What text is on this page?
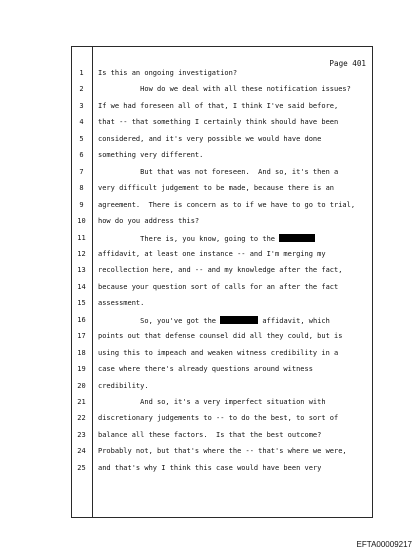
Page 401
1	Is this an ongoing investigation?
2	How do we deal with all these notification issues?
3	If we had foreseen all of that, I think I've said before,
4	that -- that something I certainly think should have been
5	considered, and it's very possible we would have done
6	something very different.
7	But that was not foreseen.  And so, it's then a
8	very difficult judgement to be made, because there is an
9	agreement.  There is concern as to if we have to go to trial,
10	how do you address this?
11	There is, you know, going to the
12	affidavit, at least one instance -- and I'm merging my
13	recollection here, and -- and my knowledge after the fact,
14	because your question sort of calls for an after the fact
15	assessment.
16	So, you've got the	affidavit, which
17	points out that defense counsel did all they could, but is
18	using this to impeach and weaken witness credibility in a
19	case where there's already questions around witness
20	credibility.
21	And so, it's a very imperfect situation with
22	discretionary judgements to -- to do the best, to sort of
23	balance all these factors.  Is that the best outcome?
24	Probably not, but that's where the -- that's where we were,
25	and that's why I think this case would have been very
EFTA00009217
